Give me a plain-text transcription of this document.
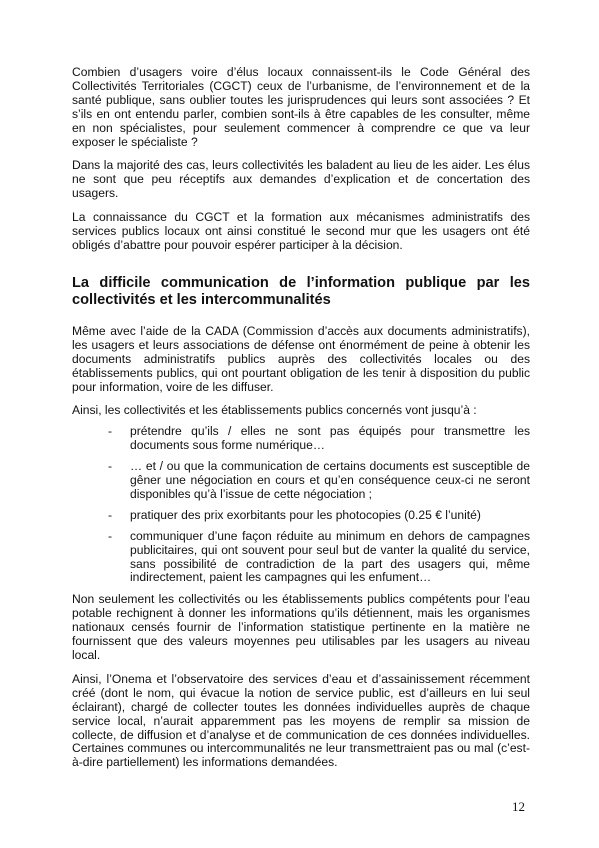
Combien d’usagers voire d’élus locaux connaissent-ils le Code Général des Collectivités Territoriales (CGCT) ceux de l’urbanisme, de l’environnement et de la santé publique, sans oublier toutes les jurisprudences qui leurs sont associées ? Et s’ils en ont entendu parler, combien sont-ils à être capables de les consulter, même en non spécialistes, pour seulement commencer à comprendre ce que va leur exposer le spécialiste ?

Dans la majorité des cas, leurs collectivités les baladent au lieu de les aider. Les élus ne sont que peu réceptifs aux demandes d’explication et de concertation des usagers.

La connaissance du CGCT et la formation aux mécanismes administratifs des services publics locaux ont ainsi constitué le second mur que les usagers ont été obligés d’abattre pour pouvoir espérer participer à la décision.

La difficile communication de l’information publique par les collectivités et les intercommunalités

Même avec l’aide de la CADA (Commission d’accès aux documents administratifs), les usagers et leurs associations de défense ont énormément de peine à obtenir les documents administratifs publics auprès des collectivités locales ou des établissements publics, qui ont pourtant obligation de les tenir à disposition du public pour information, voire de les diffuser.

Ainsi, les collectivités et les établissements publics concernés vont jusqu’à :

- prétendre qu’ils / elles ne sont pas équipés pour transmettre les documents sous forme numérique…
- … et / ou que la communication de certains documents est susceptible de gêner une négociation en cours et qu’en conséquence ceux-ci ne seront disponibles qu’à l’issue de cette négociation ;
- pratiquer des prix exorbitants pour les photocopies (0.25 € l’unité)
- communiquer d’une façon réduite au minimum en dehors de campagnes publicitaires, qui ont souvent pour seul but de vanter la qualité du service, sans possibilité de contradiction de la part des usagers qui, même indirectement, paient les campagnes qui les enfument…

Non seulement les collectivités ou les établissements publics compétents pour l’eau potable rechignent à donner les informations qu’ils détiennent, mais les organismes nationaux censés fournir de l’information statistique pertinente en la matière ne fournissent que des valeurs moyennes peu utilisables par les usagers au niveau local.

Ainsi, l’Onema et l’observatoire des services d’eau et d’assainissement récemment créé (dont le nom, qui évacue la notion de service public, est d’ailleurs en lui seul éclairant), chargé de collecter toutes les données individuelles auprès de chaque service local, n’aurait apparemment pas les moyens de remplir sa mission de collecte, de diffusion et d’analyse et de communication de ces données individuelles. Certaines communes ou intercommunalités ne leur transmettraient pas ou mal (c’est-à-dire partiellement) les informations demandées.

12
